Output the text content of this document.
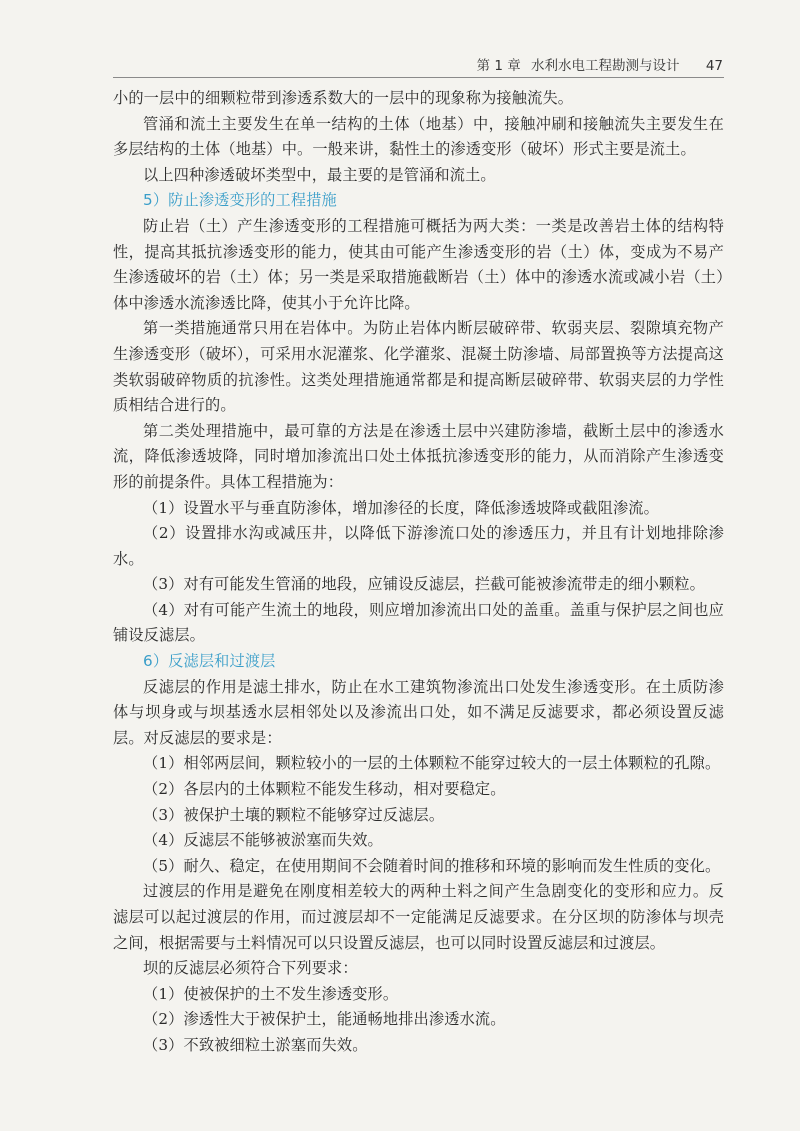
第 1 章 水利水电工程勘测与设计 47

小的一层中的细颗粒带到渗透系数大的一层中的现象称为接触流失。

管涌和流土主要发生在单一结构的土体（地基）中，接触冲刷和接触流失主要发生在多层结构的土体（地基）中。一般来讲，黏性土的渗透变形（破坏）形式主要是流土。

以上四种渗透破坏类型中，最主要的是管涌和流土。

5）防止渗透变形的工程措施

防止岩（土）产生渗透变形的工程措施可概括为两大类：一类是改善岩土体的结构特性，提高其抵抗渗透变形的能力，使其由可能产生渗透变形的岩（土）体，变成为不易产生渗透破坏的岩（土）体；另一类是采取措施截断岩（土）体中的渗透水流或减小岩（土）体中渗透水流渗透比降，使其小于允许比降。

第一类措施通常只用在岩体中。为防止岩体内断层破碎带、软弱夹层、裂隙填充物产生渗透变形（破坏），可采用水泥灌浆、化学灌浆、混凝土防渗墙、局部置换等方法提高这类软弱破碎物质的抗渗性。这类处理措施通常都是和提高断层破碎带、软弱夹层的力学性质相结合进行的。

第二类处理措施中，最可靠的方法是在渗透土层中兴建防渗墙，截断土层中的渗透水流，降低渗透坡降，同时增加渗流出口处土体抵抗渗透变形的能力，从而消除产生渗透变形的前提条件。具体工程措施为：

（1）设置水平与垂直防渗体，增加渗径的长度，降低渗透坡降或截阻渗流。

（2）设置排水沟或减压井，以降低下游渗流口处的渗透压力，并且有计划地排除渗水。

（3）对有可能发生管涌的地段，应铺设反滤层，拦截可能被渗流带走的细小颗粒。

（4）对有可能产生流土的地段，则应增加渗流出口处的盖重。盖重与保护层之间也应铺设反滤层。

6）反滤层和过渡层

反滤层的作用是滤土排水，防止在水工建筑物渗流出口处发生渗透变形。在土质防渗体与坝身或与坝基透水层相邻处以及渗流出口处，如不满足反滤要求，都必须设置反滤层。对反滤层的要求是：

（1）相邻两层间，颗粒较小的一层的土体颗粒不能穿过较大的一层土体颗粒的孔隙。

（2）各层内的土体颗粒不能发生移动，相对要稳定。

（3）被保护土壤的颗粒不能够穿过反滤层。

（4）反滤层不能够被淤塞而失效。

（5）耐久、稳定，在使用期间不会随着时间的推移和环境的影响而发生性质的变化。

过渡层的作用是避免在刚度相差较大的两种土料之间产生急剧变化的变形和应力。反滤层可以起过渡层的作用，而过渡层却不一定能满足反滤要求。在分区坝的防渗体与坝壳之间，根据需要与土料情况可以只设置反滤层，也可以同时设置反滤层和过渡层。

坝的反滤层必须符合下列要求：

（1）使被保护的土不发生渗透变形。

（2）渗透性大于被保护土，能通畅地排出渗透水流。

（3）不致被细粒土淤塞而失效。
